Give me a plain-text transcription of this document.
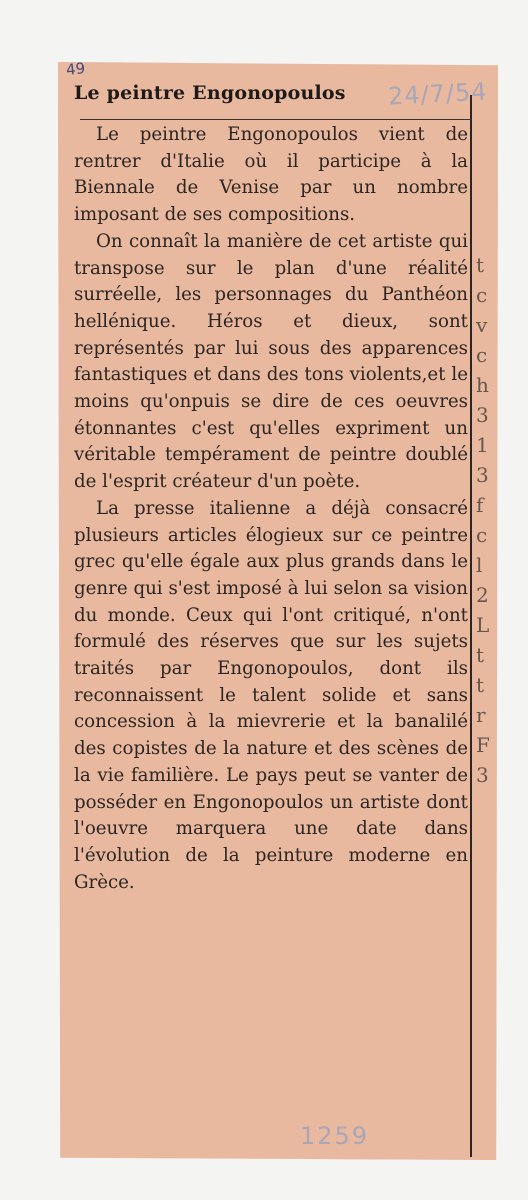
t
c
v
c
h
3
1
3
f
c
l
2
L
t
t
r
F
3
49
Le peintre Engonopoulos	24/7/54

Le peintre Engonopoulos vient de rentrer d'Italie où il participe à la Biennale de Venise par un nombre imposant de ses compositions.

On connaît la manière de cet artiste qui transpose sur le plan d'une réalité surréelle, les personnages du Panthéon hellénique. Héros et dieux, sont représentés par lui sous des apparences fantastiques et dans des tons violents,et le moins qu'onpuis se dire de ces oeuvres étonnantes c'est qu'elles expriment un véritable tempérament de peintre doublé de l'esprit créateur d'un poète.

La presse italienne a déjà consacré plusieurs articles élogieux sur ce peintre grec qu'elle égale aux plus grands dans le genre qui s'est imposé à lui selon sa vision du monde. Ceux qui l'ont critiqué, n'ont formulé des réserves que sur les sujets traités par Engonopoulos, dont ils reconnaissent le talent solide et sans concession à la mievrerie et la banalilé des copistes de la nature et des scènes de la vie familière. Le pays peut se vanter de posséder en Engonopoulos un artiste dont l'oeuvre marquera une date dans l'évolution de la peinture moderne en Grèce.

1259
